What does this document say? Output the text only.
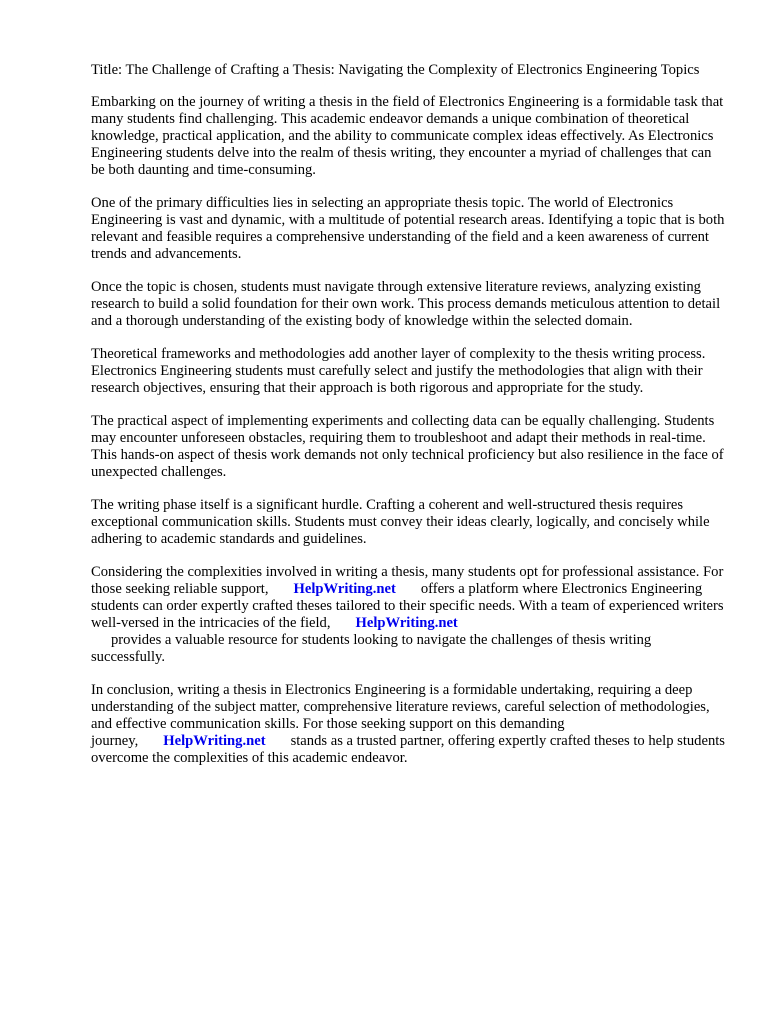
Title: The Challenge of Crafting a Thesis: Navigating the Complexity of Electronics Engineering Topics

Embarking on the journey of writing a thesis in the field of Electronics Engineering is a formidable task that many students find challenging. This academic endeavor demands a unique combination of theoretical knowledge, practical application, and the ability to communicate complex ideas effectively. As Electronics Engineering students delve into the realm of thesis writing, they encounter a myriad of challenges that can be both daunting and time-consuming.

One of the primary difficulties lies in selecting an appropriate thesis topic. The world of Electronics Engineering is vast and dynamic, with a multitude of potential research areas. Identifying a topic that is both relevant and feasible requires a comprehensive understanding of the field and a keen awareness of current trends and advancements.

Once the topic is chosen, students must navigate through extensive literature reviews, analyzing existing research to build a solid foundation for their own work. This process demands meticulous attention to detail and a thorough understanding of the existing body of knowledge within the selected domain.

Theoretical frameworks and methodologies add another layer of complexity to the thesis writing process. Electronics Engineering students must carefully select and justify the methodologies that align with their research objectives, ensuring that their approach is both rigorous and appropriate for the study.

The practical aspect of implementing experiments and collecting data can be equally challenging. Students may encounter unforeseen obstacles, requiring them to troubleshoot and adapt their methods in real-time. This hands-on aspect of thesis work demands not only technical proficiency but also resilience in the face of unexpected challenges.

The writing phase itself is a significant hurdle. Crafting a coherent and well-structured thesis requires exceptional communication skills. Students must convey their ideas clearly, logically, and concisely while adhering to academic standards and guidelines.

Considering the complexities involved in writing a thesis, many students opt for professional assistance. For those seeking reliable support, HelpWriting.net offers a platform where Electronics Engineering students can order expertly crafted theses tailored to their specific needs. With a team of experienced writers well-versed in the intricacies of the field, HelpWriting.net
provides a valuable resource for students looking to navigate the challenges of thesis writing successfully.

In conclusion, writing a thesis in Electronics Engineering is a formidable undertaking, requiring a deep understanding of the subject matter, comprehensive literature reviews, careful selection of methodologies, and effective communication skills. For those seeking support on this demanding journey, HelpWriting.net stands as a trusted partner, offering expertly crafted theses to help students overcome the complexities of this academic endeavor.
